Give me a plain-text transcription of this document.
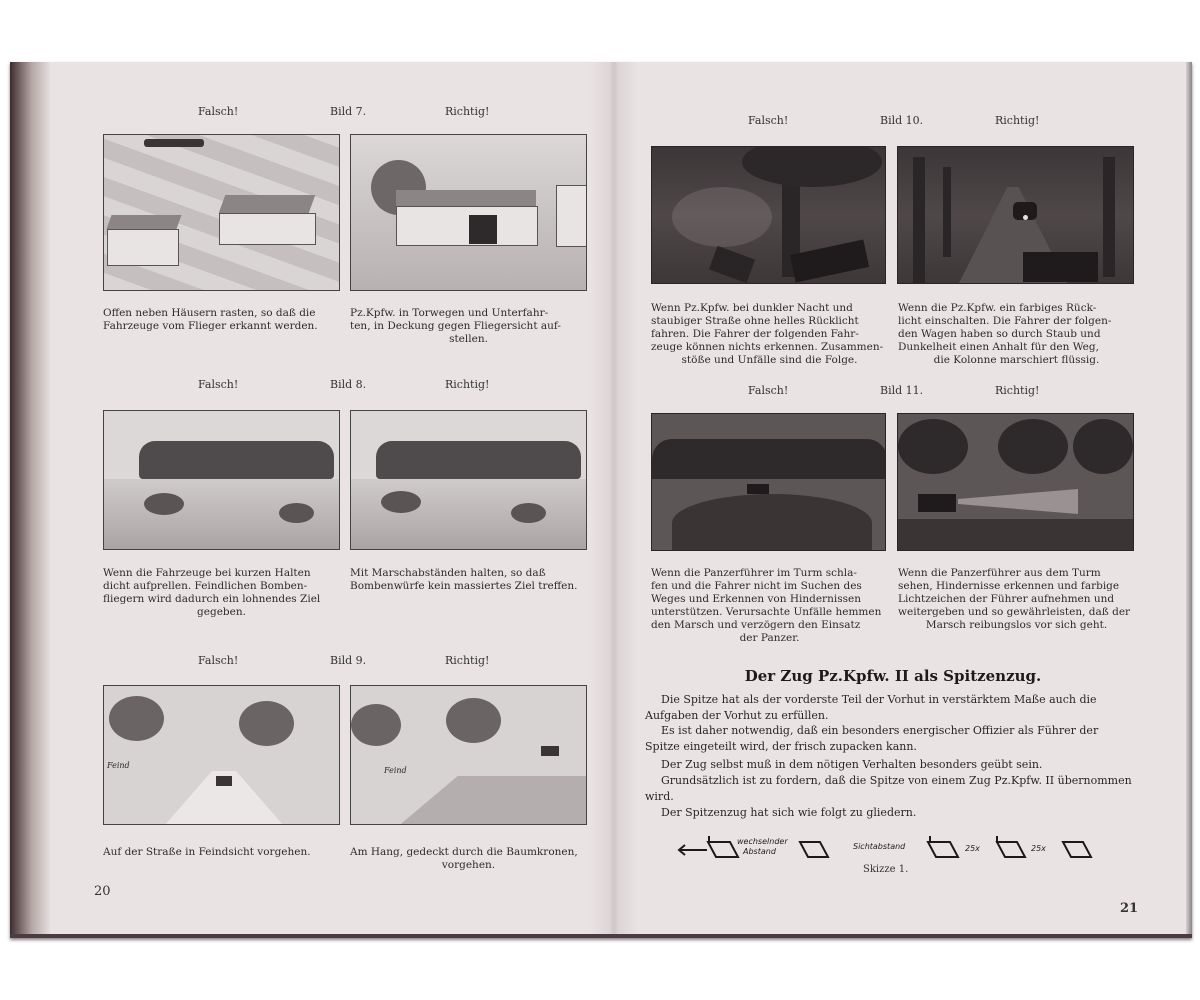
Falsch!	Bild 7.	Richtig!
Offen neben Häusern rasten, so daß die
Fahrzeuge vom Flieger erkannt werden.
Pz.Kpfw. in Torwegen und Unterfahr-
ten, in Deckung gegen Fliegersicht auf-
stellen.
Falsch!	Bild 8.	Richtig!
Wenn die Fahrzeuge bei kurzen Halten
dicht aufprellen. Feindlichen Bomben-
fliegern wird dadurch ein lohnendes Ziel
gegeben.
Mit Marschabständen halten, so daß
Bombenwürfe kein massiertes Ziel treffen.
Falsch!	Bild 9.	Richtig!
Feind
Feind
Auf der Straße in Feindsicht vorgehen.	Am Hang, gedeckt durch die Baumkronen,
vorgehen.
20
Falsch!	Bild 10.	Richtig!
Wenn Pz.Kpfw. bei dunkler Nacht und
staubiger Straße ohne helles Rücklicht
fahren. Die Fahrer der folgenden Fahr-
zeuge können nichts erkennen. Zusammen-
stöße und Unfälle sind die Folge.
Wenn die Pz.Kpfw. ein farbiges Rück-
licht einschalten. Die Fahrer der folgen-
den Wagen haben so durch Staub und
Dunkelheit einen Anhalt für den Weg,
die Kolonne marschiert flüssig.
Falsch!	Bild 11.	Richtig!
Wenn die Panzerführer im Turm schla-
fen und die Fahrer nicht im Suchen des
Weges und Erkennen von Hindernissen
unterstützen. Verursachte Unfälle hemmen
den Marsch und verzögern den Einsatz
der Panzer.
Wenn die Panzerführer aus dem Turm
sehen, Hindernisse erkennen und farbige
Lichtzeichen der Führer aufnehmen und
weitergeben und so gewährleisten, daß der
Marsch reibungslos vor sich geht.
Der Zug Pz.Kpfw. II als Spitzenzug.
Die Spitze hat als der vorderste Teil der Vorhut in verstärktem Maße auch die Aufgaben der Vorhut zu erfüllen.
Es ist daher notwendig, daß ein besonders energischer Offizier als Führer der Spitze eingeteilt wird, der frisch zupacken kann.
Der Zug selbst muß in dem nötigen Verhalten besonders geübt sein.
Grundsätzlich ist zu fordern, daß die Spitze von einem Zug Pz.Kpfw. II übernommen wird.
Der Spitzenzug hat sich wie folgt zu gliedern.
wechselnder
Abstand
Sichtabstand	25x	25x
Skizze 1.
21
